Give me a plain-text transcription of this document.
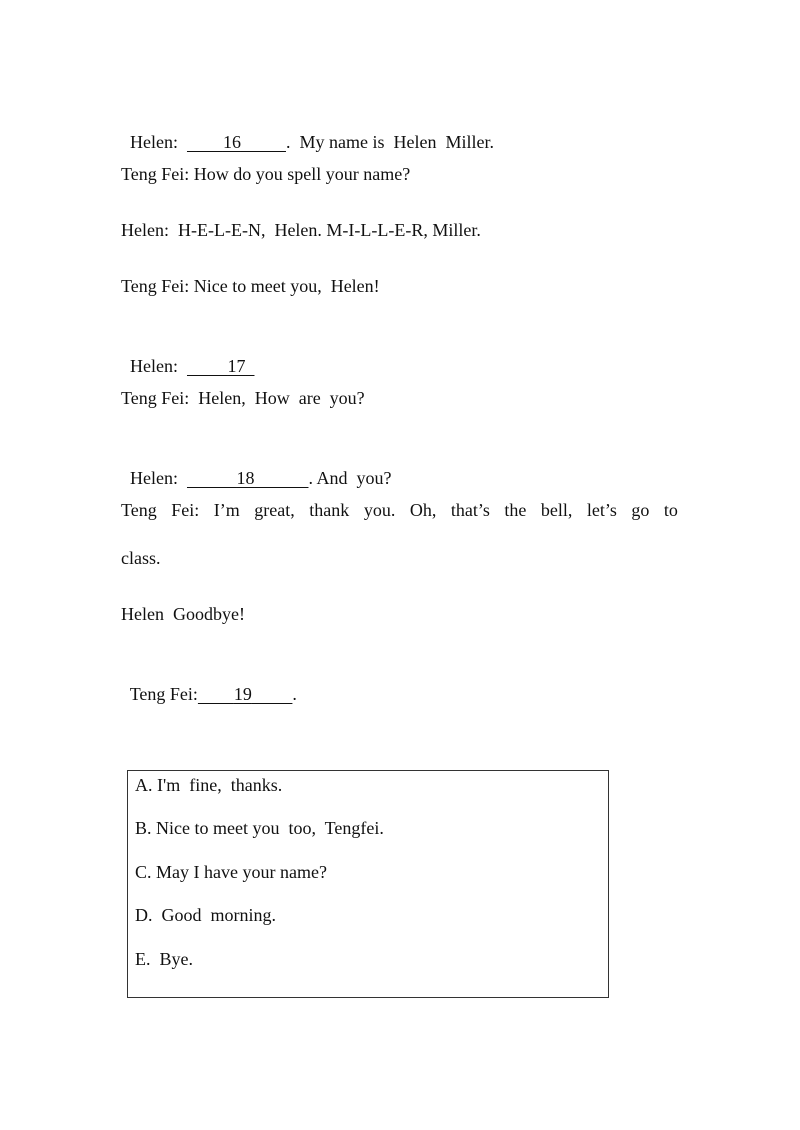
Helen:          16	.  My name is  Helen  Miller.

Teng Fei: How do you spell your name?
Helen:  H-E-L-E-N,  Helen. M-I-L-L-E-R, Miller.
Teng Fei: Nice to meet you,  Helen!

Helen:           17

Teng Fei:  Helen,  How  are  you?

Helen:	18	. And  you?

Teng Fei: I’m great, thank you. Oh, that’s the bell, let’s go to
class.
Helen  Goodbye!

Teng Fei: 19 .

A. I'm  fine,  thanks.
B. Nice to meet you  too,  Tengfei.
C. May I have your name?
D.  Good  morning.
E.  Bye.
